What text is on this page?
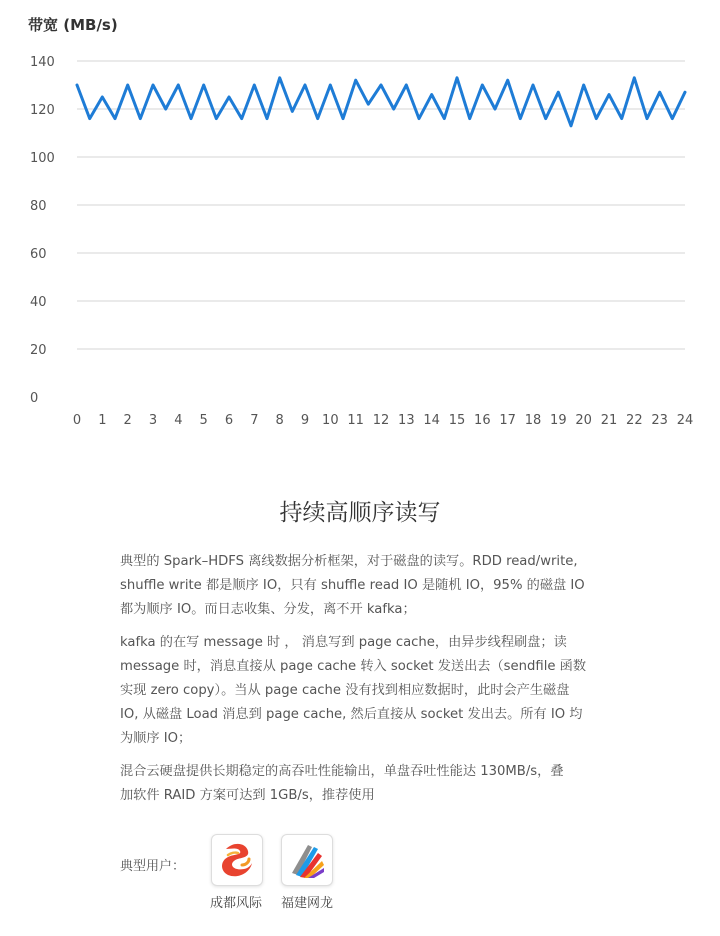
带宽 (MB/s)
0
20
40
60
80
100
120
140
0 1 2 3 4 5 6 7 8 9 10 11 12 13 14 15 16 17 18 19 20 21 22 23 24
持续高顺序读写

典型的 Spark–HDFS 离线数据分析框架，对于磁盘的读写。RDD read/write,
shuffle write 都是顺序 IO，只有 shuffle read IO 是随机 IO，95% 的磁盘 IO
都为顺序 IO。而日志收集、分发，离不开 kafka；

kafka 的在写 message 时 ， 消息写到 page cache，由异步线程刷盘；读
message 时，消息直接从 page cache 转入 socket 发送出去（sendfile 函数
实现 zero copy）。当从 page cache 没有找到相应数据时，此时会产生磁盘
IO, 从磁盘 Load 消息到 page cache, 然后直接从 socket 发出去。所有 IO 均
为顺序 IO；

混合云硬盘提供长期稳定的高吞吐性能输出，单盘吞吐性能达 130MB/s，叠
加软件 RAID 方案可达到 1GB/s，推荐使用

典型用户：
成都风际	福建网龙
